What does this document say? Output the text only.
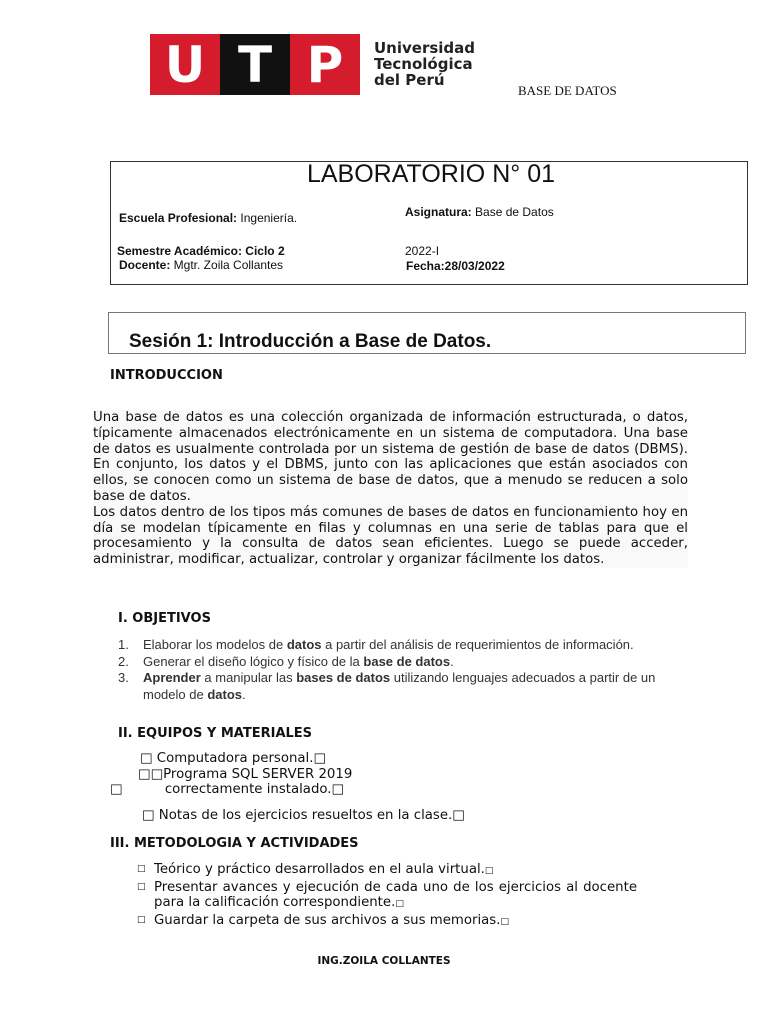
U T P	Universidad
Tecnológica
del Perú
BASE DE DATOS
LABORATORIO N° 01
Escuela Profesional: Ingeniería.	Asignatura: Base de Datos
Semestre Académico: Ciclo 2	2022-I
Docente: Mgtr. Zoila Collantes	Fecha:28/03/2022
Sesión 1: Introducción a Base de Datos.
INTRODUCCION

Una base de datos es una colección organizada de información estructurada, o datos, típicamente almacenados electrónicamente en un sistema de computadora. Una base de datos es usualmente controlada por un sistema de gestión de base de datos (DBMS). En conjunto, los datos y el DBMS, junto con las aplicaciones que están asociados con ellos, se conocen como un sistema de base de datos, que a menudo se reducen a solo base de datos.

Los datos dentro de los tipos más comunes de bases de datos en funcionamiento hoy en día se modelan típicamente en filas y columnas en una serie de tablas para que el procesamiento y la consulta de datos sean eficientes. Luego se puede acceder, administrar, modificar, actualizar, controlar y organizar fácilmente los datos.

I. OBJETIVOS
1. Elaborar los modelos de datos a partir del análisis de requerimientos de información.
2. Generar el diseño lógico y físico de la base de datos.
3. Aprender a manipular las bases de datos utilizando lenguajes adecuados a partir de un modelo de datos.
II. EQUIPOS Y MATERIALES
□ Computadora personal.□
□□Programa SQL SERVER 2019
□	correctamente instalado.□
□ Notas de los ejercicios resueltos en la clase.□
III. METODOLOGIA Y ACTIVIDADES
□ Teórico y práctico desarrollados en el aula virtual.□
□ Presentar avances y ejecución de cada uno de los ejercicios al docente para la calificación correspondiente.□
□ Guardar la carpeta de sus archivos a sus memorias.□
ING.ZOILA COLLANTES
